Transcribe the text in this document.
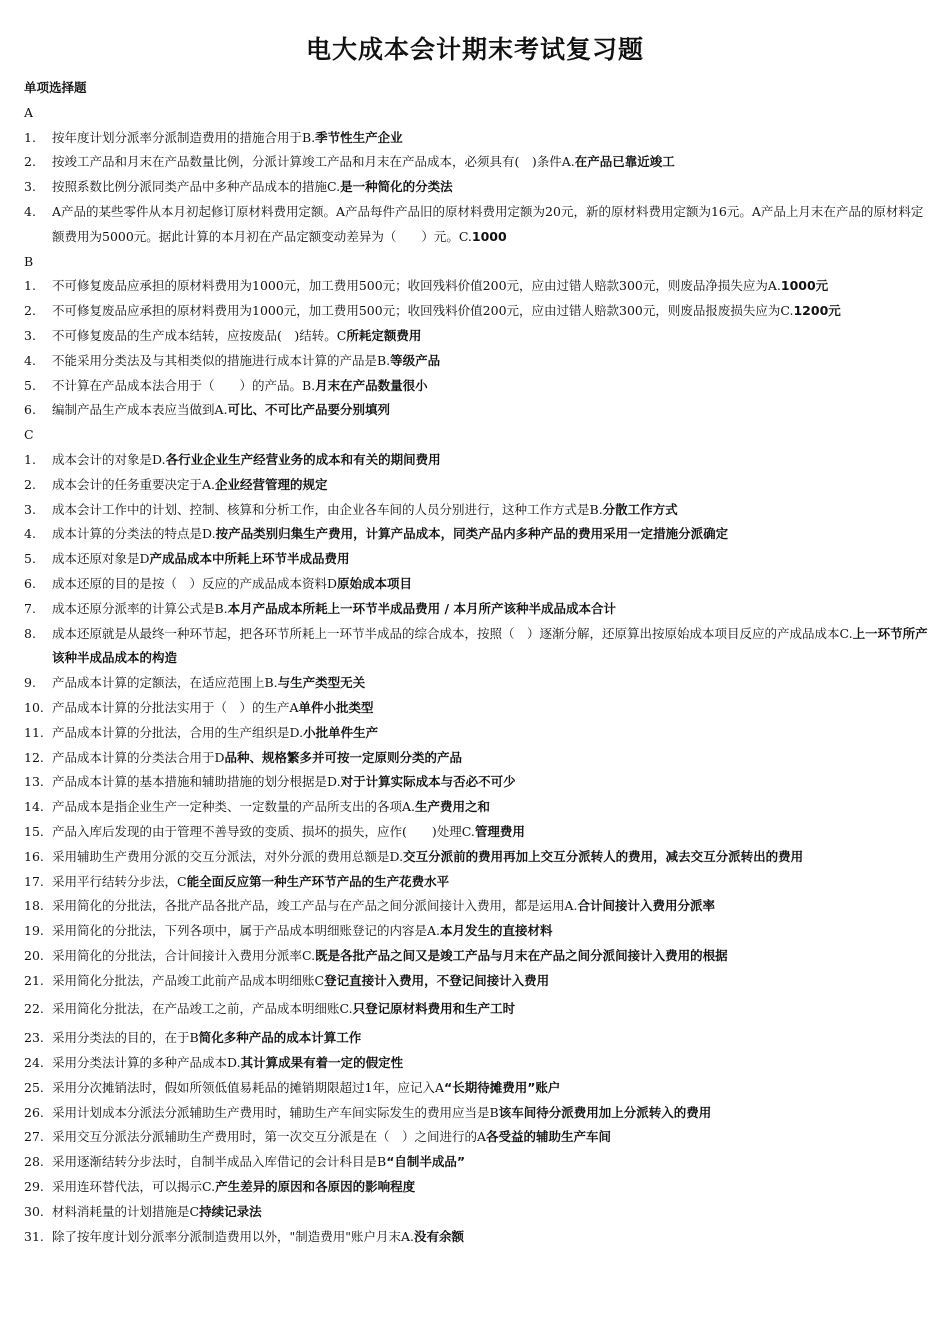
电大成本会计期末考试复习题
单项选择题
A
1. 按年度计划分派率分派制造费用的措施合用于B.季节性生产企业
2. 按竣工产品和月末在产品数量比例，分派计算竣工产品和月末在产品成本，必须具有(　)条件A.在产品已靠近竣工
3. 按照系数比例分派同类产品中多种产品成本的措施C.是一种简化的分类法
4. A产品的某些零件从本月初起修订原材料费用定额。A产品每件产品旧的原材料费用定额为20元，新的原材料费用定额为16元。A产品上月末在产品的原材料定额费用为5000元。据此计算的本月初在产品定额变动差异为（　　）元。C.1000
B
1. 不可修复废品应承担的原材料费用为1000元，加工费用500元；收回残料价值200元，应由过错人赔款300元，则废品净损失应为A.1000元
2. 不可修复废品应承担的原材料费用为1000元，加工费用500元；收回残料价值200元，应由过错人赔款300元，则废品报废损失应为C.1200元
3. 不可修复废品的生产成本结转，应按废品(　)结转。C所耗定额费用
4. 不能采用分类法及与其相类似的措施进行成本计算的产品是B.等级产品
5. 不计算在产品成本法合用于（　　）的产品。B.月末在产品数量很小
6. 编制产品生产成本表应当做到A.可比、不可比产品要分别填列
C
1. 成本会计的对象是D.各行业企业生产经营业务的成本和有关的期间费用
2. 成本会计的任务重要决定于A.企业经营管理的规定
3. 成本会计工作中的计划、控制、核算和分析工作，由企业各车间的人员分别进行，这种工作方式是B.分散工作方式
4. 成本计算的分类法的特点是D.按产品类别归集生产费用，计算产品成本，同类产品内多种产品的费用采用一定措施分派确定
5. 成本还原对象是D产成品成本中所耗上环节半成品费用
6. 成本还原的目的是按（　）反应的产成品成本资料D原始成本项目
7. 成本还原分派率的计算公式是B.本月产品成本所耗上一环节半成品费用 / 本月所产该种半成品成本合计
8. 成本还原就是从最终一种环节起，把各环节所耗上一环节半成品的综合成本，按照（　）逐渐分解，还原算出按原始成本项目反应的产成品成本C.上一环节所产该种半成品成本的构造
9. 产品成本计算的定额法，在适应范围上B.与生产类型无关
10. 产品成本计算的分批法实用于（　）的生产A单件小批类型
11. 产品成本计算的分批法，合用的生产组织是D.小批单件生产
12. 产品成本计算的分类法合用于D品种、规格繁多并可按一定原则分类的产品
13. 产品成本计算的基本措施和辅助措施的划分根据是D.对于计算实际成本与否必不可少
14. 产品成本是指企业生产一定种类、一定数量的产品所支出的各项A.生产费用之和
15. 产品入库后发现的由于管理不善导致的变质、损坏的损失，应作(　　)处理C.管理费用
16. 采用辅助生产费用分派的交互分派法，对外分派的费用总额是D.交互分派前的费用再加上交互分派转人的费用，减去交互分派转出的费用
17. 采用平行结转分步法，C能全面反应第一种生产环节产品的生产花费水平
18. 采用简化的分批法，各批产品各批产品，竣工产品与在产品之间分派间接计入费用，都是运用A.合计间接计入费用分派率
19. 采用简化的分批法，下列各项中，属于产品成本明细账登记的内容是A.本月发生的直接材料
20. 采用简化的分批法，合计间接计入费用分派率C.既是各批产品之间又是竣工产品与月末在产品之间分派间接计入费用的根据
21. 采用简化分批法，产品竣工此前产品成本明细账C登记直接计入费用，不登记间接计入费用
22. 采用简化分批法，在产品竣工之前，产品成本明细账C.只登记原材料费用和生产工时
23. 采用分类法的目的，在于B简化多种产品的成本计算工作
24. 采用分类法计算的多种产品成本D.其计算成果有着一定的假定性
25. 采用分次摊销法时，假如所领低值易耗品的摊销期限超过1年，应记入A“长期待摊费用”账户
26. 采用计划成本分派法分派辅助生产费用时，辅助生产车间实际发生的费用应当是B该车间待分派费用加上分派转入的费用
27. 采用交互分派法分派辅助生产费用时，第一次交互分派是在（　）之间进行的A各受益的辅助生产车间
28. 采用逐渐结转分步法时，自制半成品入库借记的会计科目是B“自制半成品”
29. 采用连环替代法，可以揭示C.产生差异的原因和各原因的影响程度
30. 材料消耗量的计划措施是C持续记录法
31. 除了按年度计划分派率分派制造费用以外，"制造费用"账户月末A.没有余额
